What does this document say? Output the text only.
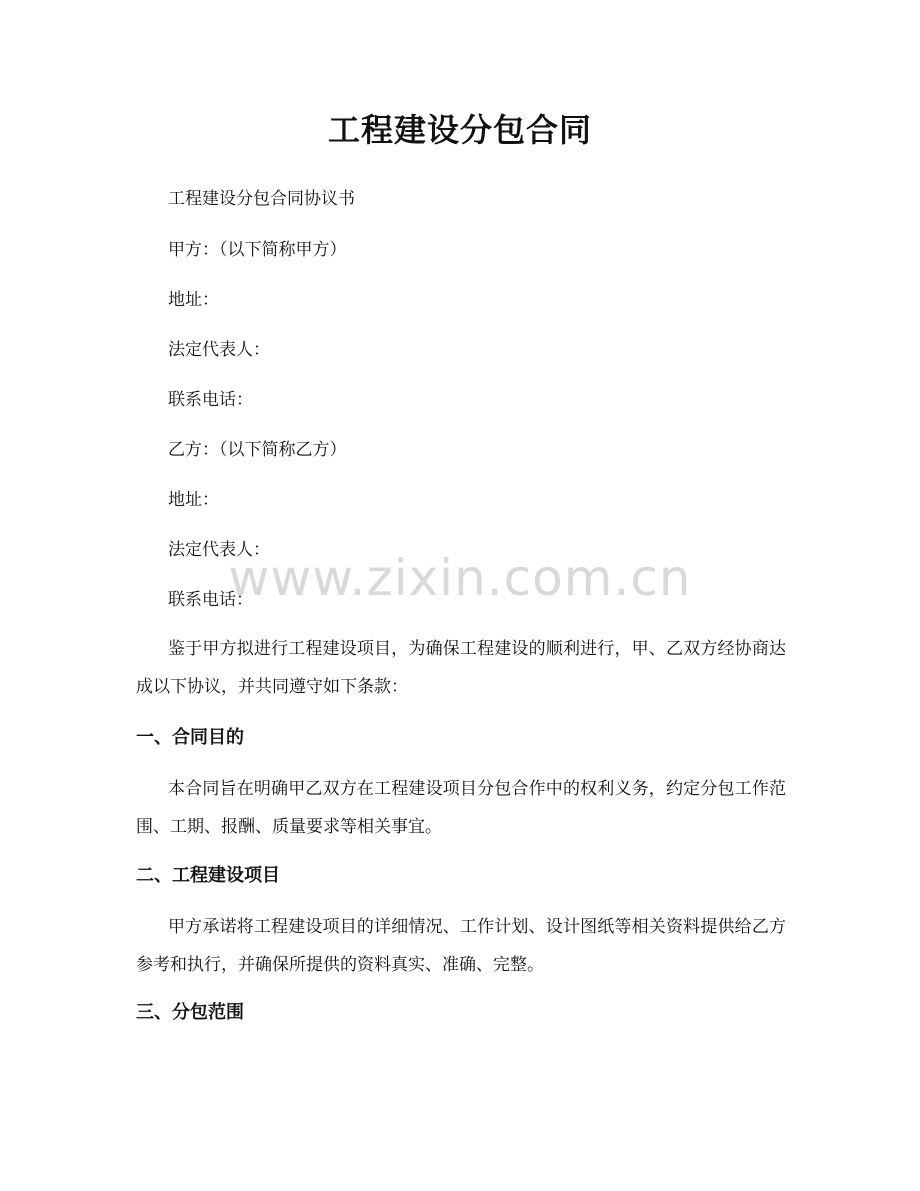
工程建设分包合同
工程建设分包合同协议书
甲方：（以下简称甲方）
地址：
法定代表人：
联系电话：
乙方：（以下简称乙方）
地址：
法定代表人：
联系电话：
鉴于甲方拟进行工程建设项目，为确保工程建设的顺利进行，甲、乙双方经协商达成以下协议，并共同遵守如下条款：
一、合同目的
本合同旨在明确甲乙双方在工程建设项目分包合作中的权利义务，约定分包工作范围、工期、报酬、质量要求等相关事宜。
二、工程建设项目
甲方承诺将工程建设项目的详细情况、工作计划、设计图纸等相关资料提供给乙方参考和执行，并确保所提供的资料真实、准确、完整。
三、分包范围
www.zixin.com.cn
